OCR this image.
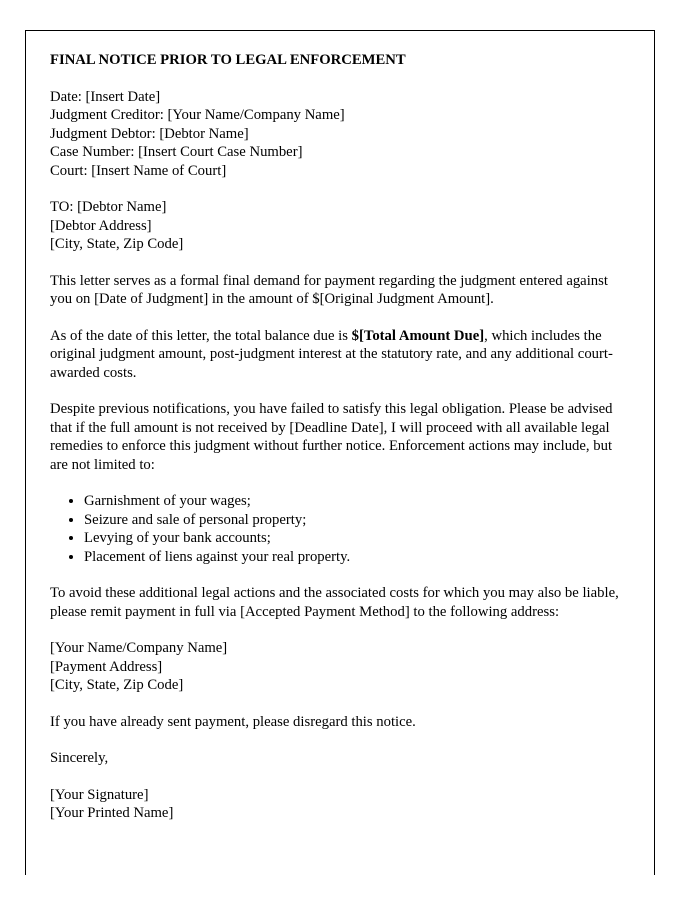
FINAL NOTICE PRIOR TO LEGAL ENFORCEMENT
Date: [Insert Date]
Judgment Creditor: [Your Name/Company Name]
Judgment Debtor: [Debtor Name]
Case Number: [Insert Court Case Number]
Court: [Insert Name of Court]
TO: [Debtor Name]
[Debtor Address]
[City, State, Zip Code]

This letter serves as a formal final demand for payment regarding the judgment entered against you on [Date of Judgment] in the amount of $[Original Judgment Amount].

As of the date of this letter, the total balance due is $[Total Amount Due], which includes the original judgment amount, post-judgment interest at the statutory rate, and any additional court-awarded costs.

Despite previous notifications, you have failed to satisfy this legal obligation. Please be advised that if the full amount is not received by [Deadline Date], I will proceed with all available legal remedies to enforce this judgment without further notice. Enforcement actions may include, but are not limited to:

• Garnishment of your wages;
• Seizure and sale of personal property;
• Levying of your bank accounts;
• Placement of liens against your real property.

To avoid these additional legal actions and the associated costs for which you may also be liable, please remit payment in full via [Accepted Payment Method] to the following address:

[Your Name/Company Name]
[Payment Address]
[City, State, Zip Code]

If you have already sent payment, please disregard this notice.

Sincerely,

[Your Signature]
[Your Printed Name]
